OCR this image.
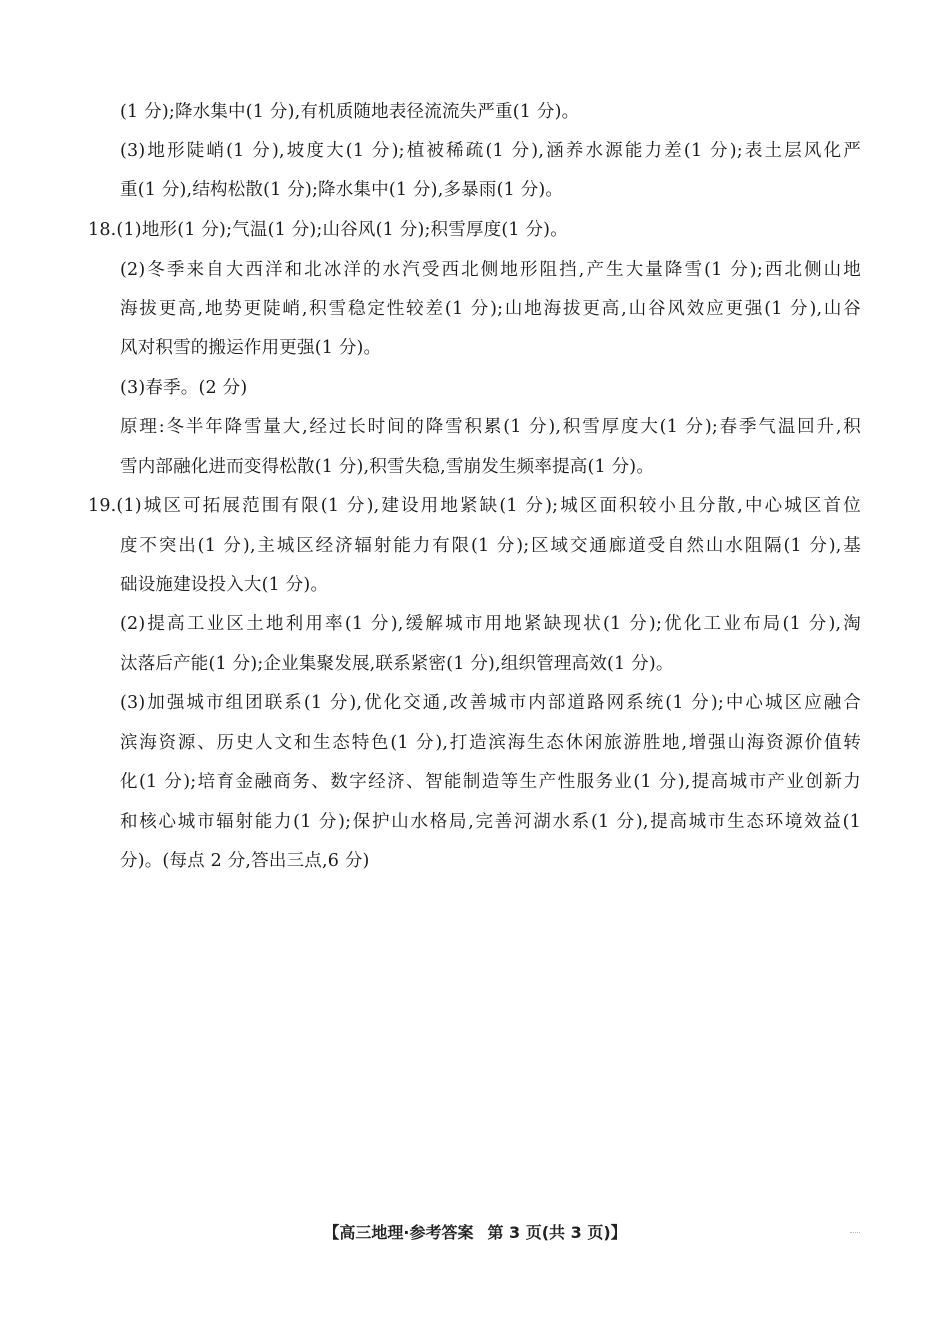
(1 分);降水集中(1 分),有机质随地表径流流失严重(1 分)。
(3)地形陡峭(1 分),坡度大(1 分);植被稀疏(1 分),涵养水源能力差(1 分);表土层风化严
重(1 分),结构松散(1 分);降水集中(1 分),多暴雨(1 分)。
18.(1)地形(1 分);气温(1 分);山谷风(1 分);积雪厚度(1 分)。
(2)冬季来自大西洋和北冰洋的水汽受西北侧地形阻挡,产生大量降雪(1 分);西北侧山地
海拔更高,地势更陡峭,积雪稳定性较差(1 分);山地海拔更高,山谷风效应更强(1 分),山谷
风对积雪的搬运作用更强(1 分)。
(3)春季。(2 分)
原理:冬半年降雪量大,经过长时间的降雪积累(1 分),积雪厚度大(1 分);春季气温回升,积
雪内部融化进而变得松散(1 分),积雪失稳,雪崩发生频率提高(1 分)。
19.(1)城区可拓展范围有限(1 分),建设用地紧缺(1 分);城区面积较小且分散,中心城区首位
度不突出(1 分),主城区经济辐射能力有限(1 分);区域交通廊道受自然山水阻隔(1 分),基
础设施建设投入大(1 分)。
(2)提高工业区土地利用率(1 分),缓解城市用地紧缺现状(1 分);优化工业布局(1 分),淘
汰落后产能(1 分);企业集聚发展,联系紧密(1 分),组织管理高效(1 分)。
(3)加强城市组团联系(1 分),优化交通,改善城市内部道路网系统(1 分);中心城区应融合
滨海资源、历史人文和生态特色(1 分),打造滨海生态休闲旅游胜地,增强山海资源价值转
化(1 分);培育金融商务、数字经济、智能制造等生产性服务业(1 分),提高城市产业创新力
和核心城市辐射能力(1 分);保护山水格局,完善河湖水系(1 分),提高城市生态环境效益(1
分)。(每点 2 分,答出三点,6 分)
【高三地理·参考答案 第 3 页(共 3 页)】
